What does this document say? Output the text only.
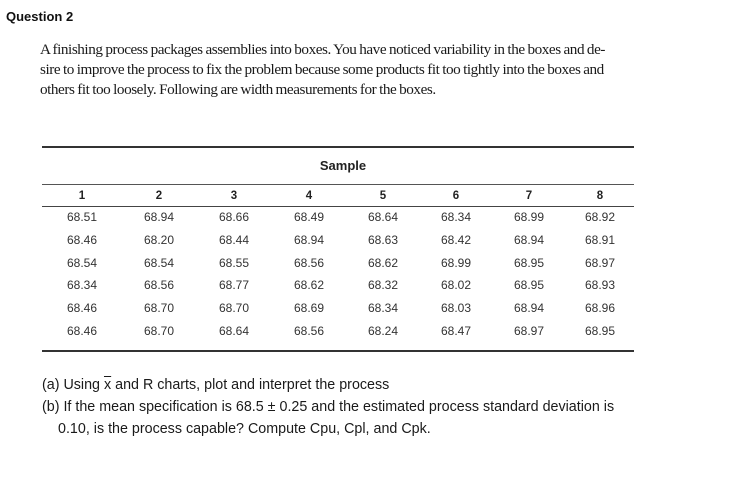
Question 2
A finishing process packages assemblies into boxes. You have noticed variability in the boxes and de-
sire to improve the process to fix the problem because some products fit too tightly into the boxes and
others fit too loosely. Following are width measurements for the boxes.
Sample
1	2	3	4	5	6	7	8
68.51	68.94	68.66	68.49	68.64	68.34	68.99	68.92
68.46	68.20	68.44	68.94	68.63	68.42	68.94	68.91
68.54	68.54	68.55	68.56	68.62	68.99	68.95	68.97
68.34	68.56	68.77	68.62	68.32	68.02	68.95	68.93
68.46	68.70	68.70	68.69	68.34	68.03	68.94	68.96
68.46	68.70	68.64	68.56	68.24	68.47	68.97	68.95
(a) Using $\overline{x}$ and R charts, plot and interpret the process
(b) If the mean specification is 68.5 ± 0.25 and the estimated process standard deviation is
0.10, is the process capable? Compute Cpu, Cpl, and Cpk.
